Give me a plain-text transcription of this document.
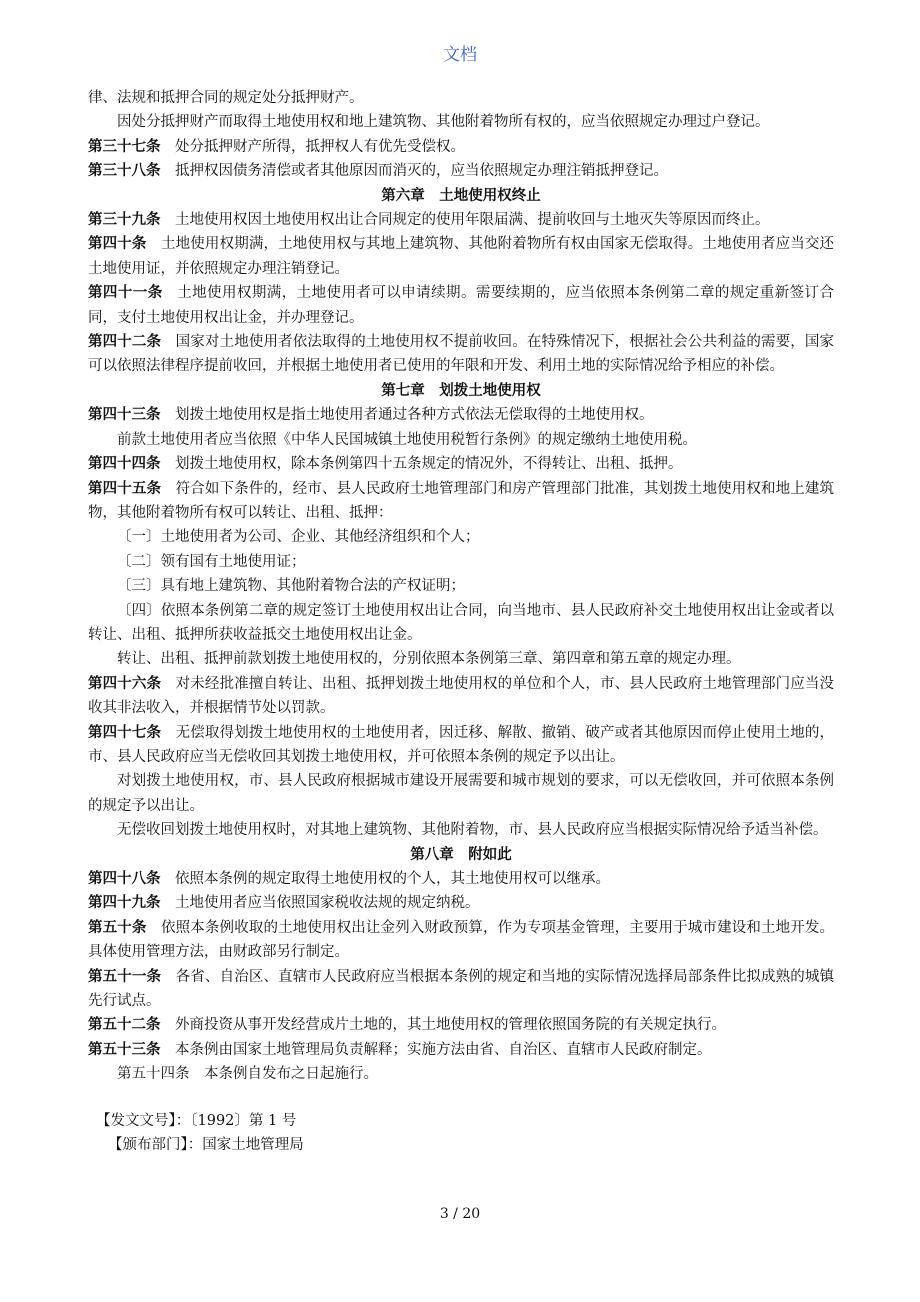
文档

律、法规和抵押合同的规定处分抵押财产。

因处分抵押财产而取得土地使用权和地上建筑物、其他附着物所有权的，应当依照规定办理过户登记。

第三十七条 处分抵押财产所得，抵押权人有优先受偿权。

第三十八条 抵押权因债务清偿或者其他原因而消灭的，应当依照规定办理注销抵押登记。

第六章　土地使用权终止

第三十九条 土地使用权因土地使用权出让合同规定的使用年限届满、提前收回与土地灭失等原因而终止。

第四十条 土地使用权期满，土地使用权与其地上建筑物、其他附着物所有权由国家无偿取得。土地使用者应当交还土地使用证，并依照规定办理注销登记。

第四十一条 土地使用权期满，土地使用者可以申请续期。需要续期的，应当依照本条例第二章的规定重新签订合同，支付土地使用权出让金，并办理登记。

第四十二条 国家对土地使用者依法取得的土地使用权不提前收回。在特殊情况下，根据社会公共利益的需要，国家可以依照法律程序提前收回，并根据土地使用者已使用的年限和开发、利用土地的实际情况给予相应的补偿。

第七章　划拨土地使用权

第四十三条 划拨土地使用权是指土地使用者通过各种方式依法无偿取得的土地使用权。

前款土地使用者应当依照《中华人民国城镇土地使用税暂行条例》的规定缴纳土地使用税。

第四十四条 划拨土地使用权，除本条例第四十五条规定的情况外，不得转让、出租、抵押。

第四十五条 符合如下条件的，经市、县人民政府土地管理部门和房产管理部门批准，其划拨土地使用权和地上建筑物，其他附着物所有权可以转让、出租、抵押：

〔一〕土地使用者为公司、企业、其他经济组织和个人；

〔二〕领有国有土地使用证；

〔三〕具有地上建筑物、其他附着物合法的产权证明；

〔四〕依照本条例第二章的规定签订土地使用权出让合同，向当地市、县人民政府补交土地使用权出让金或者以转让、出租、抵押所获收益抵交土地使用权出让金。

转让、出租、抵押前款划拨土地使用权的，分别依照本条例第三章、第四章和第五章的规定办理。

第四十六条 对未经批准擅自转让、出租、抵押划拨土地使用权的单位和个人，市、县人民政府土地管理部门应当没收其非法收入，并根据情节处以罚款。

第四十七条 无偿取得划拨土地使用权的土地使用者，因迁移、解散、撤销、破产或者其他原因而停止使用土地的，市、县人民政府应当无偿收回其划拨土地使用权，并可依照本条例的规定予以出让。

对划拨土地使用权，市、县人民政府根据城市建设开展需要和城市规划的要求，可以无偿收回，并可依照本条例的规定予以出让。

无偿收回划拨土地使用权时，对其地上建筑物、其他附着物，市、县人民政府应当根据实际情况给予适当补偿。

第八章　附如此

第四十八条 依照本条例的规定取得土地使用权的个人，其土地使用权可以继承。

第四十九条 土地使用者应当依照国家税收法规的规定纳税。

第五十条 依照本条例收取的土地使用权出让金列入财政预算，作为专项基金管理，主要用于城市建设和土地开发。具体使用管理方法，由财政部另行制定。

第五十一条 各省、自治区、直辖市人民政府应当根据本条例的规定和当地的实际情况选择局部条件比拟成熟的城镇先行试点。

第五十二条 外商投资从事开发经营成片土地的，其土地使用权的管理依照国务院的有关规定执行。

第五十三条 本条例由国家土地管理局负责解释；实施方法由省、自治区、直辖市人民政府制定。

第五十四条　本条例自发布之日起施行。

【发文文号】：〔1992〕第 1 号

【颁布部门】：国家土地管理局

3 / 20
